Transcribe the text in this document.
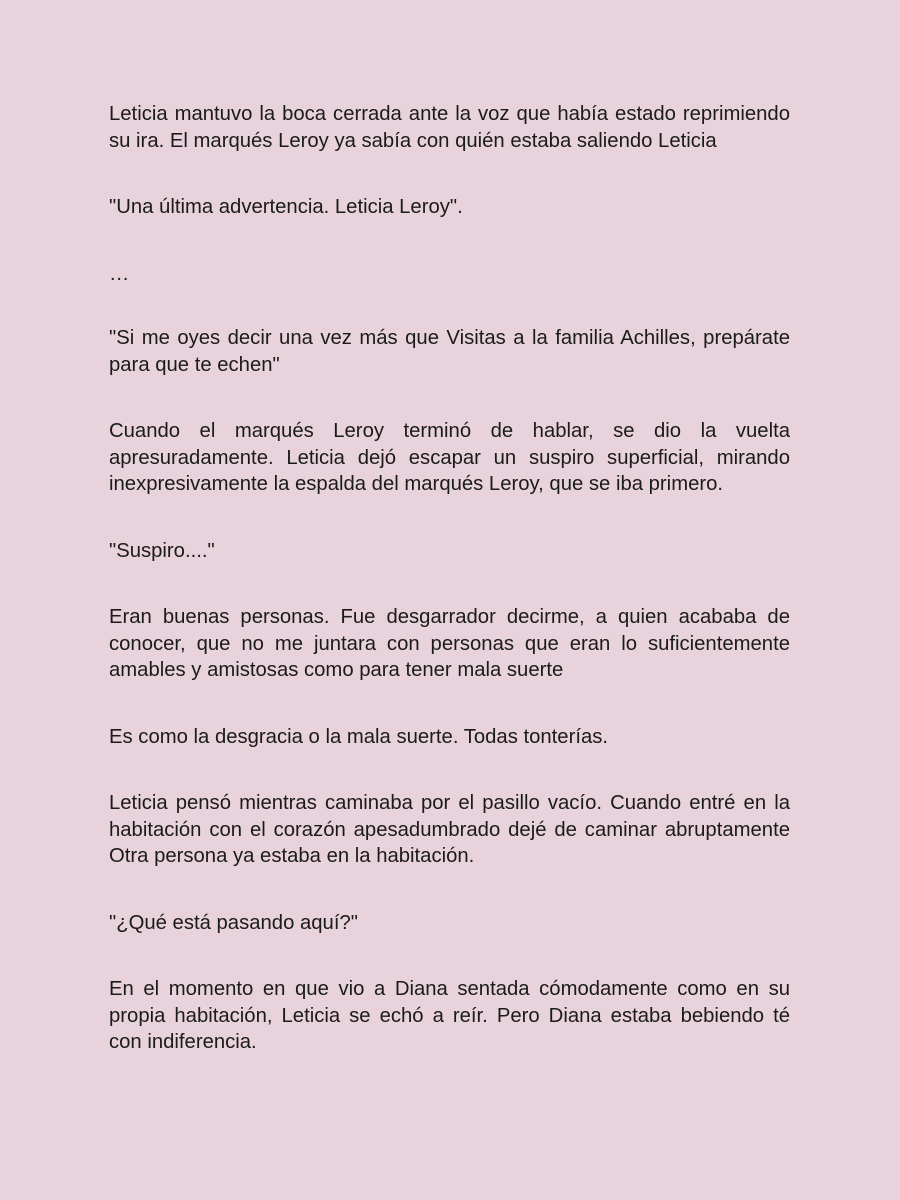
Leticia mantuvo la boca cerrada ante la voz que había estado reprimiendo su ira. El marqués Leroy ya sabía con quién estaba saliendo Leticia

"Una última advertencia. Leticia Leroy".

…

"Si me oyes decir una vez más que Visitas a la familia Achilles, prepárate para que te echen"

Cuando el marqués Leroy terminó de hablar, se dio la vuelta apresuradamente. Leticia dejó escapar un suspiro superficial, mirando inexpresivamente la espalda del marqués Leroy, que se iba primero.

"Suspiro...."

Eran buenas personas. Fue desgarrador decirme, a quien acababa de conocer, que no me juntara con personas que eran lo suficientemente amables y amistosas como para tener mala suerte

Es como la desgracia o la mala suerte. Todas tonterías.

Leticia pensó mientras caminaba por el pasillo vacío. Cuando entré en la habitación con el corazón apesadumbrado dejé de caminar abruptamente Otra persona ya estaba en la habitación.

"¿Qué está pasando aquí?"

En el momento en que vio a Diana sentada cómodamente como en su propia habitación, Leticia se echó a reír. Pero Diana estaba bebiendo té con indiferencia.
